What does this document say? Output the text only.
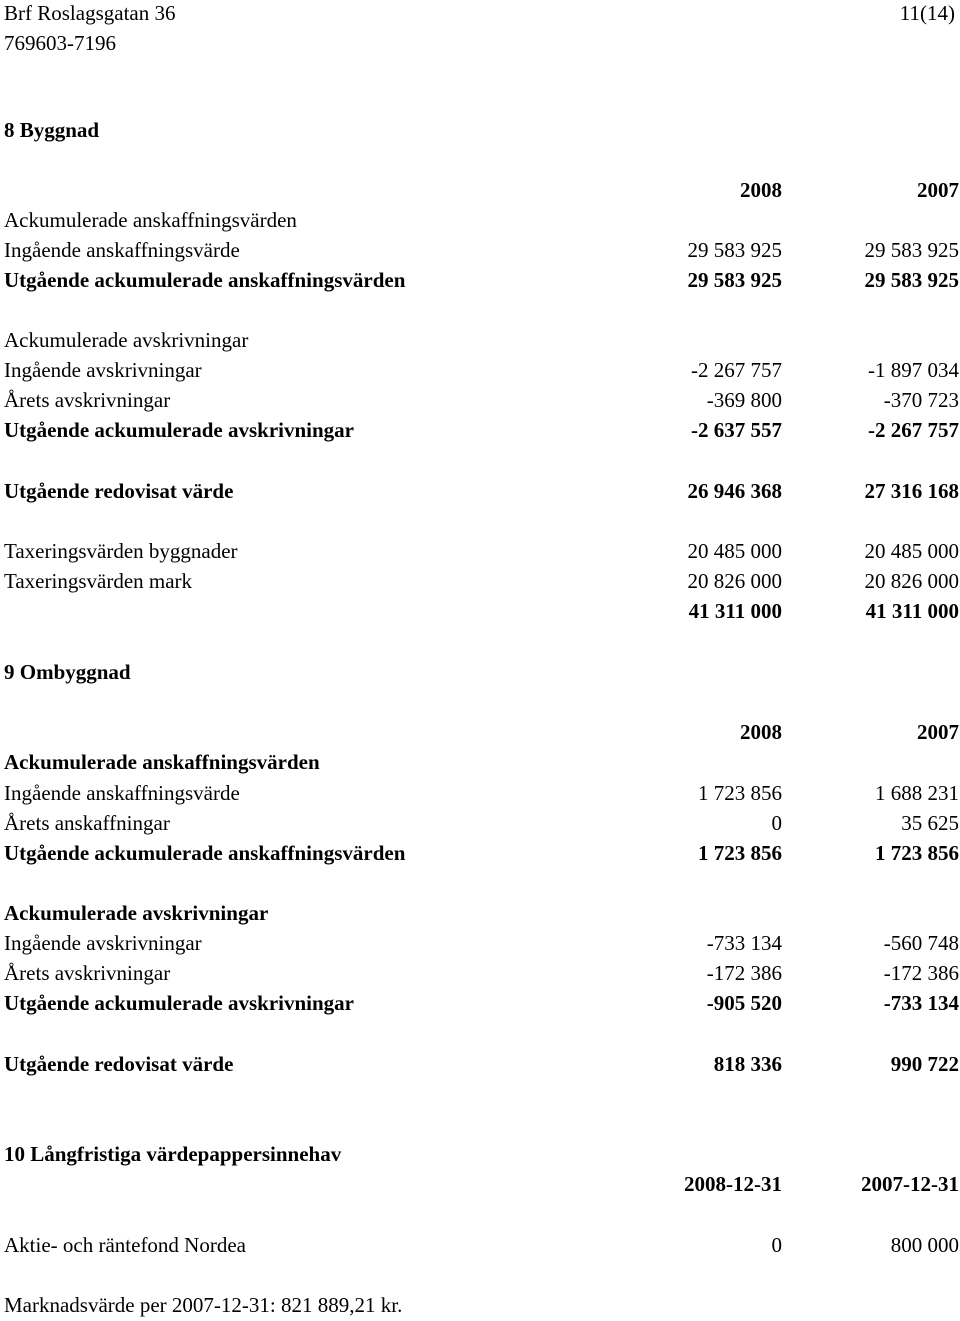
Brf Roslagsgatan 36
769603-7196
11(14)
8 Byggnad
2008	2007
Ackumulerade anskaffningsvärden
Ingående anskaffningsvärde	29 583 925	29 583 925
Utgående ackumulerade anskaffningsvärden	29 583 925	29 583 925
Ackumulerade avskrivningar
Ingående avskrivningar	-2 267 757	-1 897 034
Årets avskrivningar	-369 800	-370 723
Utgående ackumulerade avskrivningar	-2 637 557	-2 267 757
Utgående redovisat värde	26 946 368	27 316 168
Taxeringsvärden byggnader	20 485 000	20 485 000
Taxeringsvärden mark	20 826 000	20 826 000
41 311 000	41 311 000
9 Ombyggnad
2008	2007
Ackumulerade anskaffningsvärden
Ingående anskaffningsvärde	1 723 856	1 688 231
Årets anskaffningar	0	35 625
Utgående ackumulerade anskaffningsvärden	1 723 856	1 723 856
Ackumulerade avskrivningar
Ingående avskrivningar	-733 134	-560 748
Årets avskrivningar	-172 386	-172 386
Utgående ackumulerade avskrivningar	-905 520	-733 134
Utgående redovisat värde	818 336	990 722
10 Långfristiga värdepappersinnehav
2008-12-31	2007-12-31
Aktie- och räntefond Nordea	0	800 000
Marknadsvärde per 2007-12-31: 821 889,21 kr.
